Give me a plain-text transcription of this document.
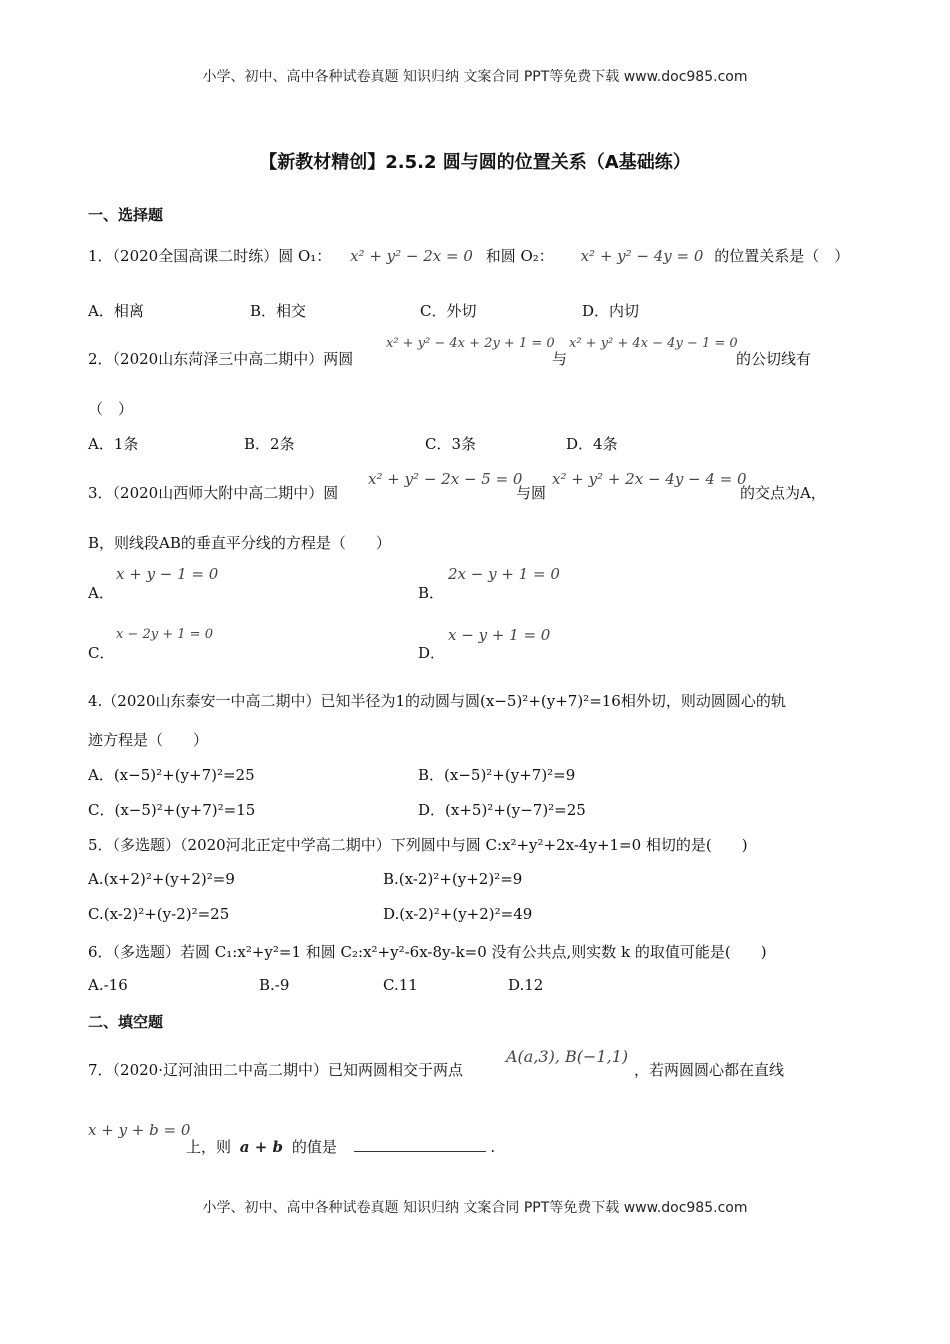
小学、初中、高中各种试卷真题 知识归纳 文案合同 PPT等免费下载 www.doc985.com
【新教材精创】2.5.2 圆与圆的位置关系（A基础练）
一、选择题
1．（2020全国高课二时练）圆 O₁： x² + y² − 2x = 0 和圆 O₂： x² + y² − 4y = 0 的位置关系是（　）
A．相离	B．相交	C．外切	D．内切
2．（2020山东菏泽三中高二期中）两圆
x² + y² − 4x + 2y + 1 = 0
与
x² + y² + 4x − 4y − 1 = 0
的公切线有
（　）
A．1条	B．2条	C．3条	D．4条
3．（2020山西师大附中高二期中）圆
x² + y² − 2x − 5 = 0
与圆
x² + y² + 2x − 4y − 4 = 0
的交点为A，
B，则线段AB的垂直平分线的方程是（　　）
A．
x + y − 1 = 0
B．
2x − y + 1 = 0
C．
x − 2y + 1 = 0
D．
x − y + 1 = 0
4.（2020山东泰安一中高二期中）已知半径为1的动圆与圆(x−5)²+(y+7)²=16相外切，则动圆圆心的轨
迹方程是（　　）
A．(x−5)²+(y+7)²=25	B．(x−5)²+(y+7)²=9
C．(x−5)²+(y+7)²=15	D．(x+5)²+(y−7)²=25
5．（多选题）（2020河北正定中学高二期中）下列圆中与圆 C:x²+y²+2x-4y+1=0 相切的是(　　)
A.(x+2)²+(y+2)²=9	B.(x-2)²+(y+2)²=9
C.(x-2)²+(y-2)²=25	D.(x-2)²+(y+2)²=49
6．（多选题）若圆 C₁:x²+y²=1 和圆 C₂:x²+y²-6x-8y-k=0 没有公共点,则实数 k 的取值可能是(　　)
A.-16	B.-9	C.11	D.12
二、填空题
7．（2020·辽河油田二中高二期中）已知两圆相交于两点
A(a,3), B(−1,1)
，若两圆圆心都在直线
x + y + b = 0
上，则 a + b 的值是	.
小学、初中、高中各种试卷真题 知识归纳 文案合同 PPT等免费下载 www.doc985.com
